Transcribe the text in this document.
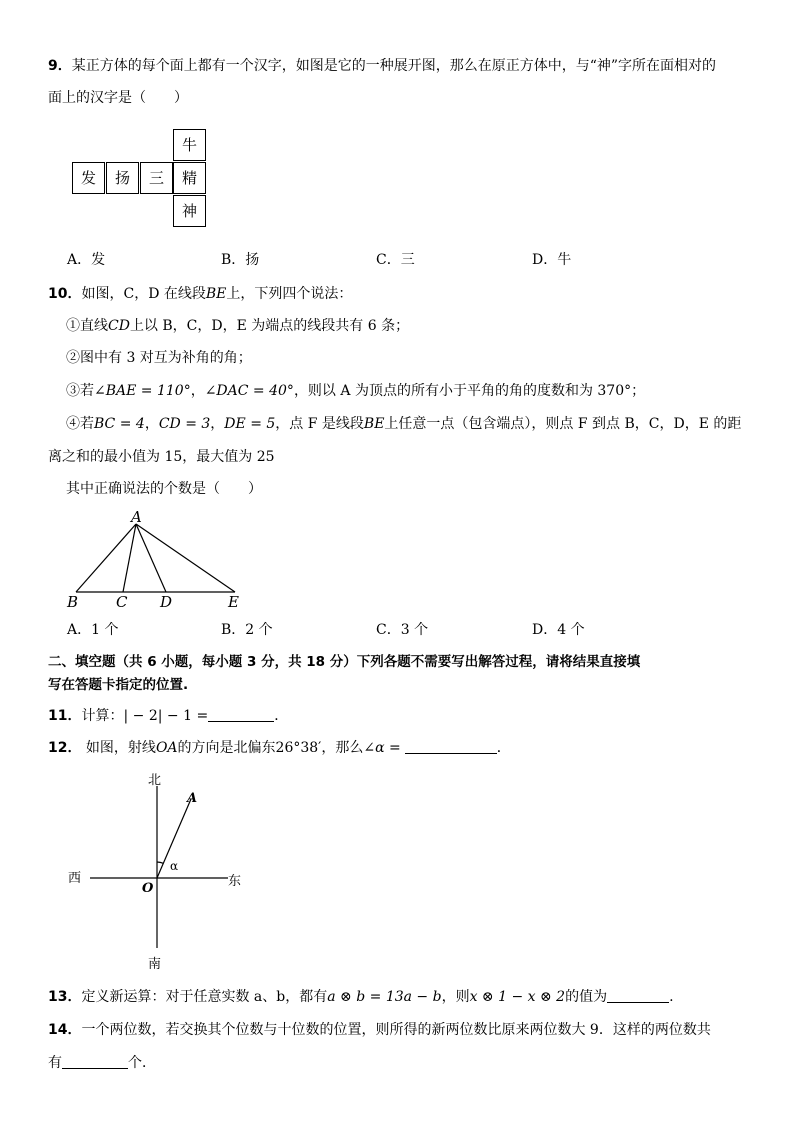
9．某正方体的每个面上都有一个汉字，如图是它的一种展开图，那么在原正方体中，与“神”字所在面相对的
面上的汉字是（　　）
牛
发	扬	三	精
神
A．发	B．扬	C．三	D．牛
10．如图，C，D 在线段BE上，下列四个说法：
①直线CD上以 B，C，D，E 为端点的线段共有 6 条；
②图中有 3 对互为补角的角；
③若∠BAE = 110°，∠DAC = 40°，则以 A 为顶点的所有小于平角的角的度数和为 370°；
④若BC = 4，CD = 3，DE = 5，点 F 是线段BE上任意一点（包含端点），则点 F 到点 B，C，D，E 的距
离之和的最小值为 15，最大值为 25
其中正确说法的个数是（　　）
A
B	C D	E
A．1 个	B．2 个	C．3 个	D．4 个
二、填空题（共 6 小题，每小题 3 分，共 18 分）下列各题不需要写出解答过程，请将结果直接填
写在答题卡指定的位置.
11．计算：| − 2| − 1 =	．
12． 如图，射线OA的方向是北偏东26°38′，那么∠α =	．
北
南
西	东
O
A
α
13．定义新运算：对于任意实数 a、b，都有a ⊗ b = 13a − b，则x ⊗ 1 − x ⊗ 2的值为	.
14．一个两位数，若交换其个位数与十位数的位置，则所得的新两位数比原来两位数大 9．这样的两位数共
有	个．
